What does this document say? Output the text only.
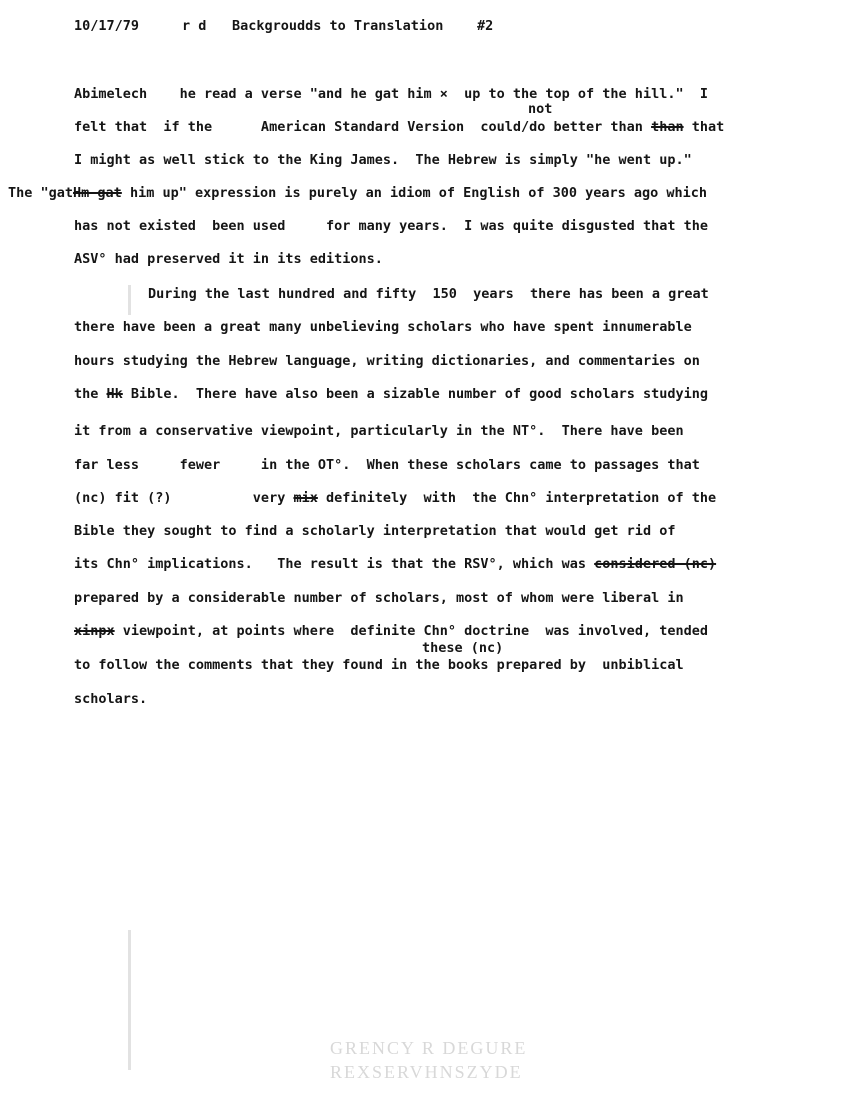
GRENCY R DEGURE
REXSERVHNSZYDE
10/17/79	r d Backgroudds to Translation #2
Abimelech    he read a verse "and he gat him ×  up to the top of the hill."  I
not
felt that  if the      American Standard Version  could/do better than than that
I might as well stick to the King James.  The Hebrew is simply "he went up."
The "gatHm gat him up" expression is purely an idiom of English of 300 years ago which
has not existed  been used     for many years.  I was quite disgusted that the
ASV° had preserved it in its editions.
During the last hundred and fifty  150  years  there has been a great
there have been a great many unbelieving scholars who have spent innumerable
hours studying the Hebrew language, writing dictionaries, and commentaries on
the Hk Bible.  There have also been a sizable number of good scholars studying
it from a conservative viewpoint, particularly in the NT°.  There have been
far less     fewer     in the OT°.  When these scholars came to passages that
(nc) fit (?)          very mix definitely  with  the Chn° interpretation of the
Bible they sought to find a scholarly interpretation that would get rid of
its Chn° implications.   The result is that the RSV°, which was considered (nc)
prepared by a considerable number of scholars, most of whom were liberal in
xinpx viewpoint, at points where  definite Chn° doctrine  was involved, tended
these (nc)
to follow the comments that they found in the books prepared by  unbiblical
scholars.
